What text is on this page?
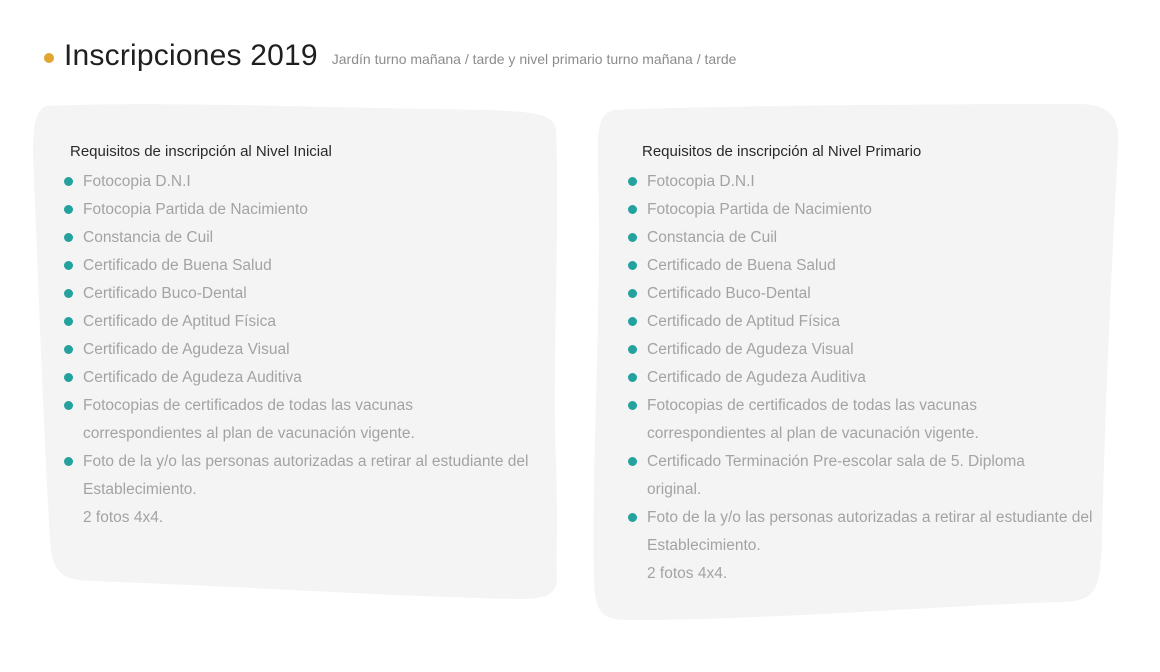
Inscripciones 2019 Jardín turno mañana / tarde y nivel primario turno mañana / tarde
Requisitos de inscripción al Nivel Inicial
Fotocopia D.N.I
Fotocopia Partida de Nacimiento
Constancia de Cuil
Certificado de Buena Salud
Certificado Buco-Dental
Certificado de Aptitud Física
Certificado de Agudeza Visual
Certificado de Agudeza Auditiva
Fotocopias de certificados de todas las vacunas correspondientes al plan de vacunación vigente.
Foto de la y/o las personas autorizadas a retirar al estudiante del Establecimiento.
2 fotos 4x4.
Requisitos de inscripción al Nivel Primario
Fotocopia D.N.I
Fotocopia Partida de Nacimiento
Constancia de Cuil
Certificado de Buena Salud
Certificado Buco-Dental
Certificado de Aptitud Física
Certificado de Agudeza Visual
Certificado de Agudeza Auditiva
Fotocopias de certificados de todas las vacunas correspondientes al plan de vacunación vigente.
Certificado Terminación Pre-escolar sala de 5. Diploma original.
Foto de la y/o las personas autorizadas a retirar al estudiante del Establecimiento.
2 fotos 4x4.
